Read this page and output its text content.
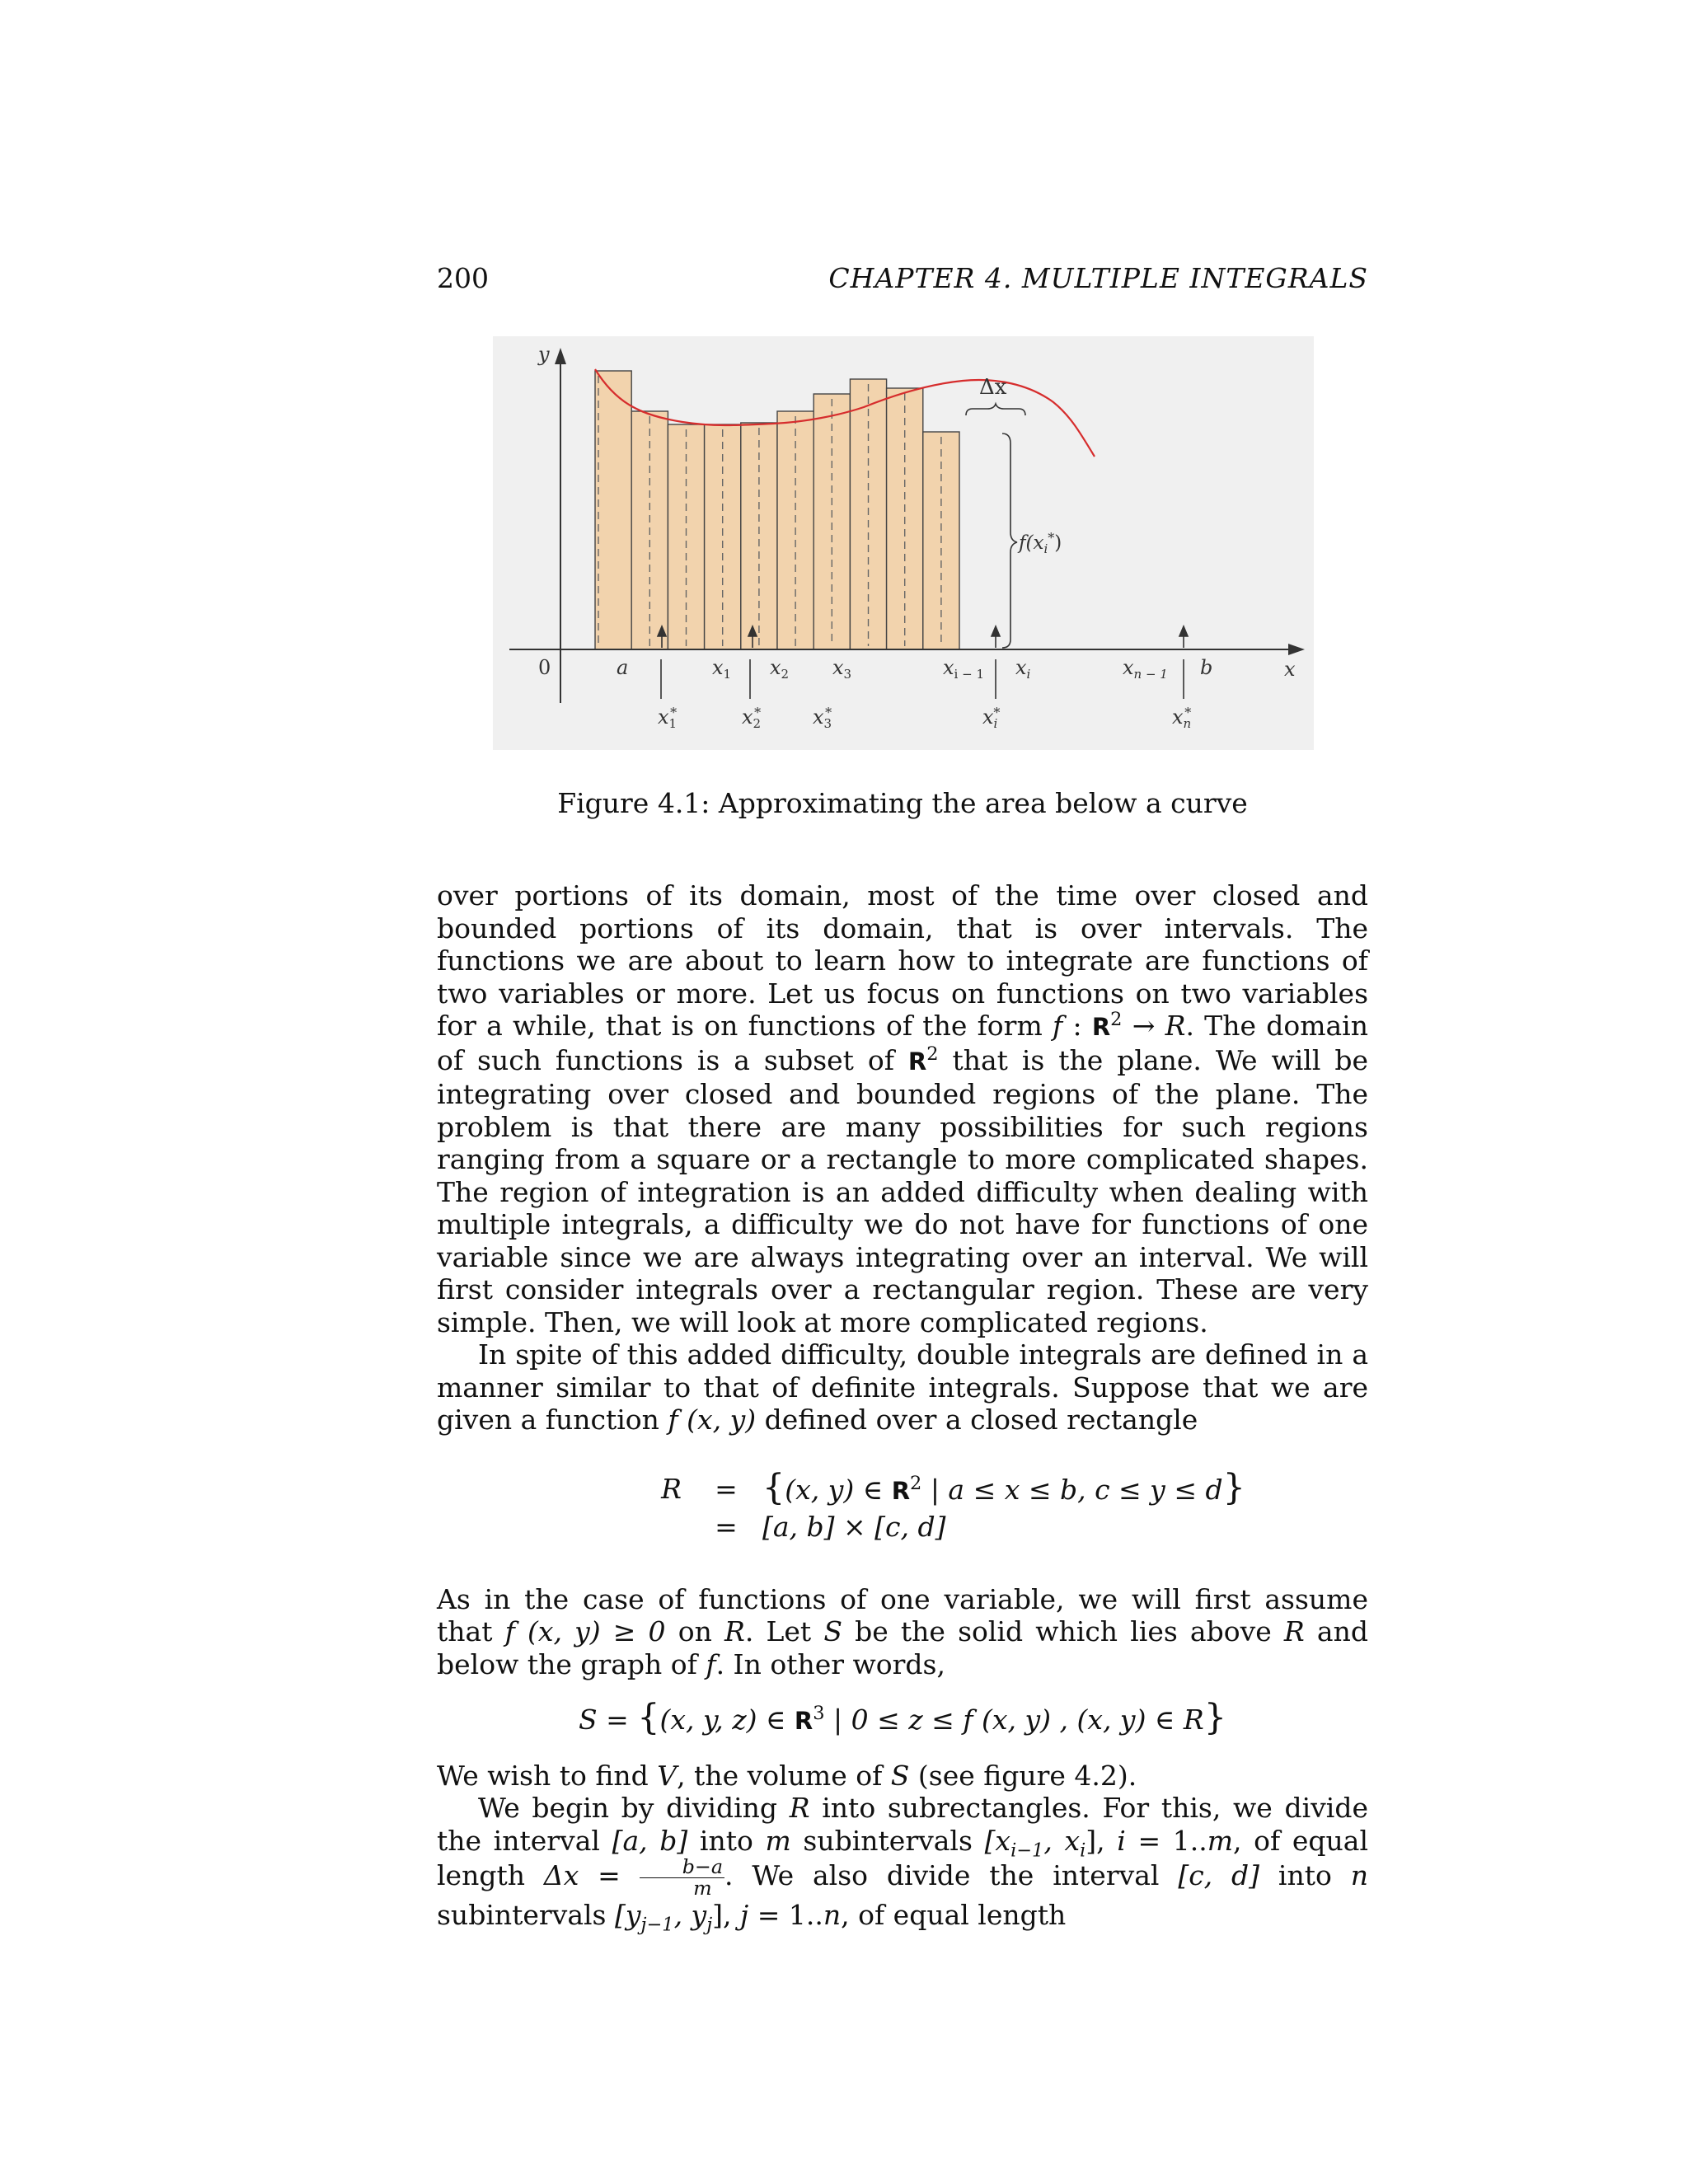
200	CHAPTER 4. MULTIPLE INTEGRALS
y
x
0
Δx
f(xi*)
a	b
x1 x2 x3	xi − 1 xi	xn − 1
x1*	x2*	x3*	xi*	xn*
Figure 4.1: Approximating the area below a curve

over portions of its domain, most of the time over closed and bounded portions of its domain, that is over intervals. The functions we are about to learn how to integrate are functions of two variables or more. Let us focus on functions on two variables for a while, that is on functions of the form f : $R^2 \to R$. The domain of such functions is a subset of $R^2$ that is the plane. We will be integrating over closed and bounded regions of the plane. The problem is that there are many possibilities for such regions ranging from a square or a rectangle to more complicated shapes. The region of integration is an added difficulty when dealing with multiple integrals, a difficulty we do not have for functions of one variable since we are always integrating over an interval. We will first consider integrals over a rectangular region. These are very simple. Then, we will look at more complicated regions.

In spite of this added difficulty, double integrals are defined in a manner similar to that of definite integrals. Suppose that we are given a function f (x, y) defined over a closed rectangle

R	=	{(x, y) ∈ $R^2$ | a ≤ x ≤ b, c ≤ y ≤ d}
	=	[a, b] × [c, d]

As in the case of functions of one variable, we will first assume that f (x, y) ≥ 0 on R. Let S be the solid which lies above R and below the graph of f. In other words,

S = {(x, y, z) ∈ $R^3$ | 0 ≤ z ≤ f (x, y) , (x, y) ∈ R}

We wish to find V, the volume of S (see figure 4.2).

We begin by dividing R into subrectangles. For this, we divide the interval [a, b] into m subintervals [$x_{i-1}$, $x_i$], i = 1..m, of equal length $\Delta x = \frac{b-a}{m}$ . We also divide the interval [c, d] into n subintervals [$y_{j-1}$, $y_j$], j = 1..n, of equal length
